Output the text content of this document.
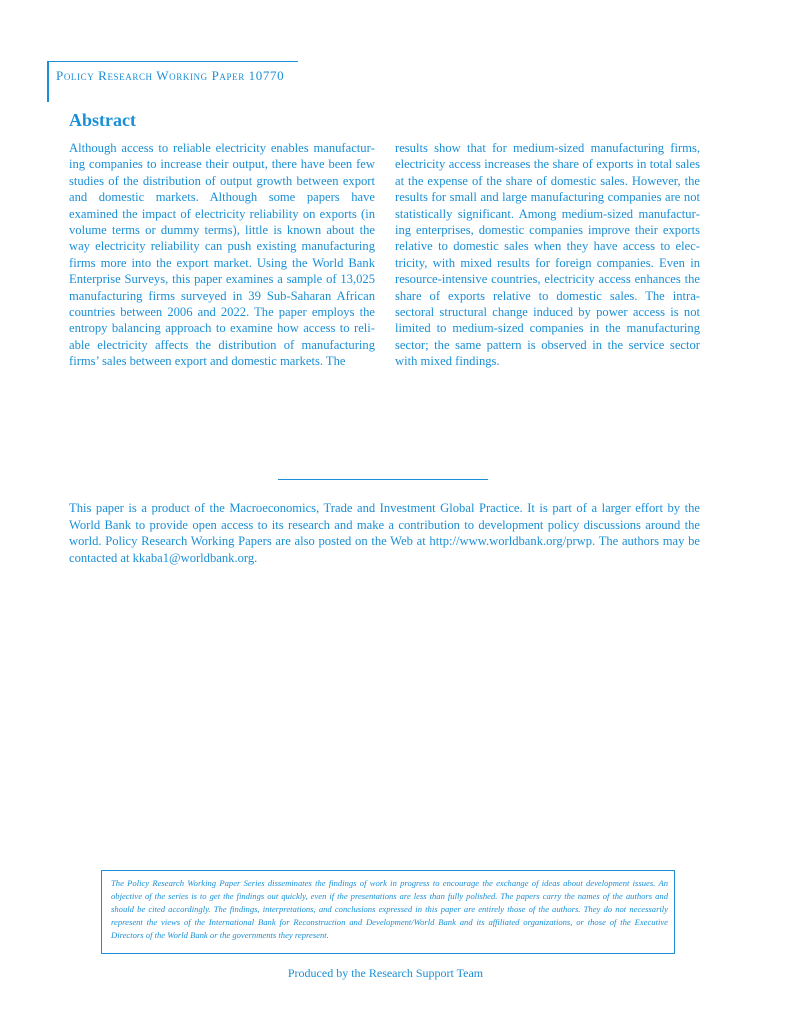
Policy Research Working Paper 10770
Abstract
Although access to reliable electricity enables manufacturing companies to increase their output, there have been few studies of the distribution of output growth between export and domestic markets. Although some papers have examined the impact of electricity reliability on exports (in volume terms or dummy terms), little is known about the way electricity reliability can push existing manufacturing firms more into the export market. Using the World Bank Enterprise Surveys, this paper examines a sample of 13,025 manufacturing firms surveyed in 39 Sub-Saharan African countries between 2006 and 2022. The paper employs the entropy balancing approach to examine how access to reliable electricity affects the distribution of manufacturing firms’ sales between export and domestic markets. The
results show that for medium-sized manufacturing firms, electricity access increases the share of exports in total sales at the expense of the share of domestic sales. However, the results for small and large manufacturing companies are not statistically significant. Among medium-sized manufacturing enterprises, domestic companies improve their exports relative to domestic sales when they have access to electricity, with mixed results for foreign companies. Even in resource-intensive countries, electricity access enhances the share of exports relative to domestic sales. The intra-sectoral structural change induced by power access is not limited to medium-sized companies in the manufacturing sector; the same pattern is observed in the service sector with mixed findings.
This paper is a product of the Macroeconomics, Trade and Investment Global Practice. It is part of a larger effort by the World Bank to provide open access to its research and make a contribution to development policy discussions around the world. Policy Research Working Papers are also posted on the Web at http://www.worldbank.org/prwp. The authors may be contacted at kkaba1@worldbank.org.
The Policy Research Working Paper Series disseminates the findings of work in progress to encourage the exchange of ideas about development issues. An objective of the series is to get the findings out quickly, even if the presentations are less than fully polished. The papers carry the names of the authors and should be cited accordingly. The findings, interpretations, and conclusions expressed in this paper are entirely those of the authors. They do not necessarily represent the views of the International Bank for Reconstruction and Development/World Bank and its affiliated organizations, or those of the Executive Directors of the World Bank or the governments they represent.
Produced by the Research Support Team
